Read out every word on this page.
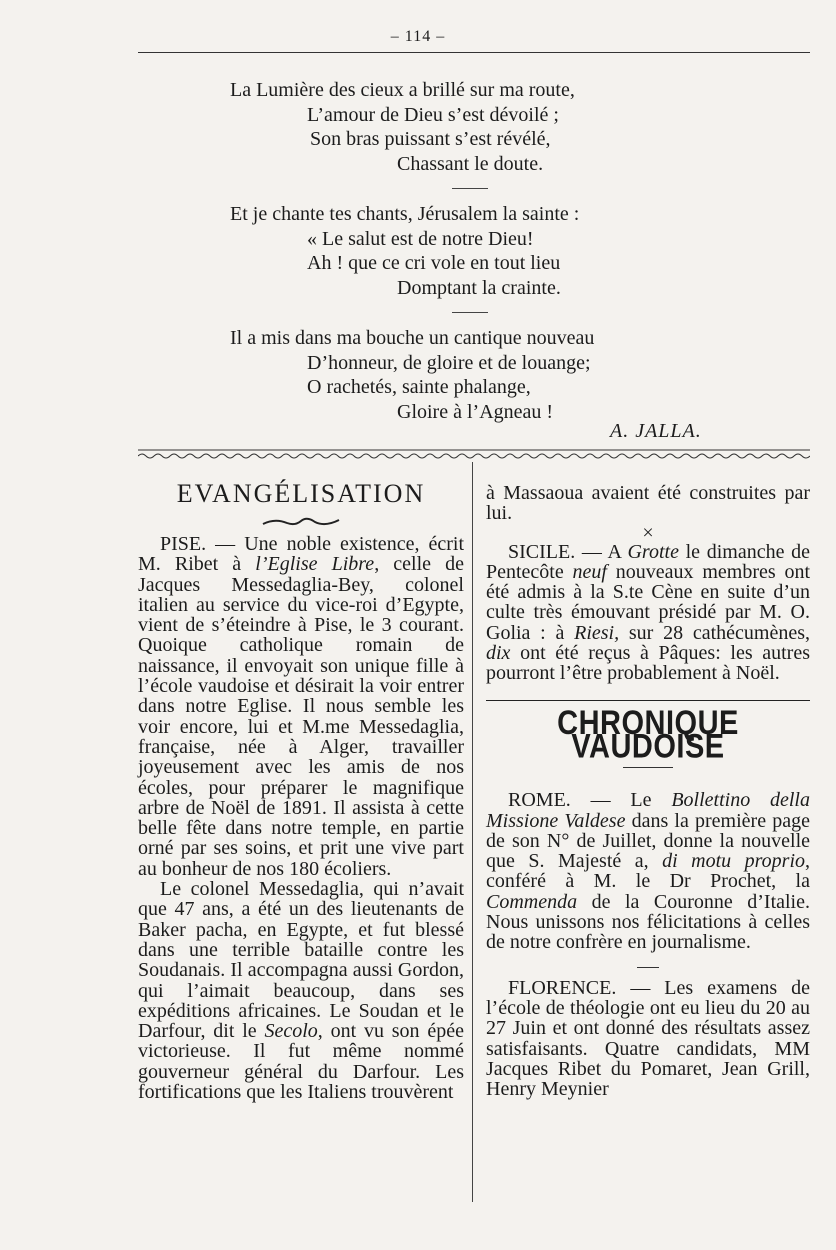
– 114 –
La Lumière des cieux a brillé sur ma route,
L’amour de Dieu s’est dévoilé ;
Son bras puissant s’est révélé,
Chassant le doute.
Et je chante tes chants, Jérusalem la sainte :
« Le salut est de notre Dieu!
Ah ! que ce cri vole en tout lieu
Domptant la crainte.
Il a mis dans ma bouche un cantique nouveau
D’honneur, de gloire et de louange;
O rachetés, sainte phalange,
Gloire à l’Agneau !
A. JALLA.
EVANGÉLISATION

PISE. — Une noble existence, écrit M. Ribet à l’Eglise Libre, celle de Jacques Messedaglia-Bey, colonel italien au service du vice-roi d’Egypte, vient de s’éteindre à Pise, le 3 courant. Quoique catholique romain de naissance, il envoyait son unique fille à l’école vaudoise et désirait la voir entrer dans notre Eglise. Il nous semble les voir encore, lui et M.me Messedaglia, française, née à Alger, travailler joyeusement avec les amis de nos écoles, pour préparer le magnifique arbre de Noël de 1891. Il assista à cette belle fête dans notre temple, en partie orné par ses soins, et prit une vive part au bonheur de nos 180 écoliers.

Le colonel Messedaglia, qui n’avait que 47 ans, a été un des lieutenants de Baker pacha, en Egypte, et fut blessé dans une terrible bataille contre les Soudanais. Il accompagna aussi Gordon, qui l’aimait beaucoup, dans ses expéditions africaines. Le Soudan et le Darfour, dit le Secolo, ont vu son épée victorieuse. Il fut même nommé gouverneur général du Darfour. Les fortifications que les Italiens trouvèrent

à Massaoua avaient été construites par lui.

×

SICILE. — A Grotte le dimanche de Pentecôte neuf nouveaux membres ont été admis à la S.te Cène en suite d’un culte très émouvant présidé par M. O. Golia : à Riesi, sur 28 cathécumènes, dix ont été reçus à Pâques: les autres pourront l’être probablement à Noël.

CHRONIQUE VAUDOISE

ROME. — Le Bollettino della Missione Valdese dans la première page de son N° de Juillet, donne la nouvelle que S. Majesté a, di motu proprio, conféré à M. le Dr Prochet, la Commenda de la Couronne d’Italie. Nous unissons nos félicitations à celles de notre confrère en journalisme.

FLORENCE. — Les examens de l’école de théologie ont eu lieu du 20 au 27 Juin et ont donné des résultats assez satisfaisants. Quatre candidats, MM Jacques Ribet du Pomaret, Jean Grill, Henry Meynier
